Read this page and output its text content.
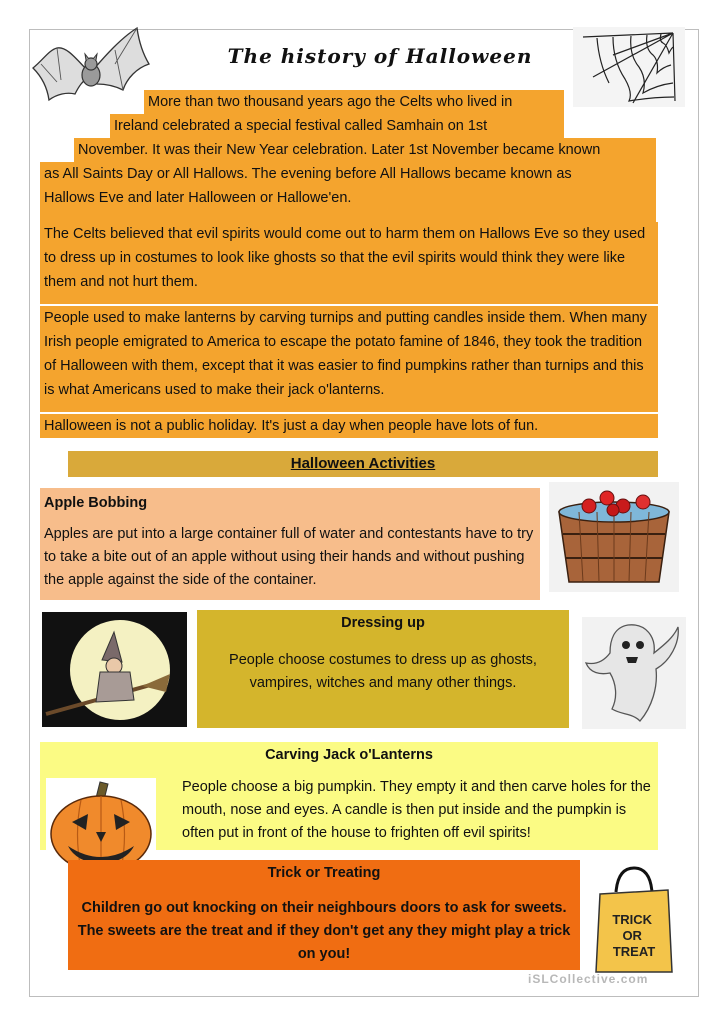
The history of Halloween
More than two thousand years ago the Celts who lived in
Ireland celebrated a special festival called Samhain on 1st
November. It was their New Year celebration. Later 1st November became known
as All Saints Day or All Hallows. The evening before All Hallows became known as
Hallows Eve and later Halloween or Hallowe'en.
The Celts believed that evil spirits would come out to harm them on Hallows Eve so they used to dress up in costumes to look like ghosts so that the evil spirits would think they were like them and not hurt them.
People used to make lanterns by carving turnips and putting candles inside them. When many Irish people emigrated to America to escape the potato famine of 1846, they took the tradition of Halloween with them, except that it was easier to find pumpkins rather than turnips and this is what Americans used to make their jack o'lanterns.
Halloween is not a public holiday. It's just a day when people have lots of fun.
Halloween Activities
Apple Bobbing
Apples are put into a large container full of water and contestants have to try to take a bite out of an apple without using their hands and without pushing the apple against the side of the container.
Dressing up
People choose costumes to dress up as ghosts, vampires, witches and many other things.
Carving Jack o'Lanterns
People choose a big pumpkin. They empty it and then carve holes for the mouth, nose and eyes. A candle is then put inside and the pumpkin is often put in front of the house to frighten off evil spirits!
Trick or Treating
Children go out knocking on their neighbours doors to ask for sweets. The sweets are the treat and if they don't get any they might play a trick on you!
TRICK OR TREAT
iSLCollective.com
